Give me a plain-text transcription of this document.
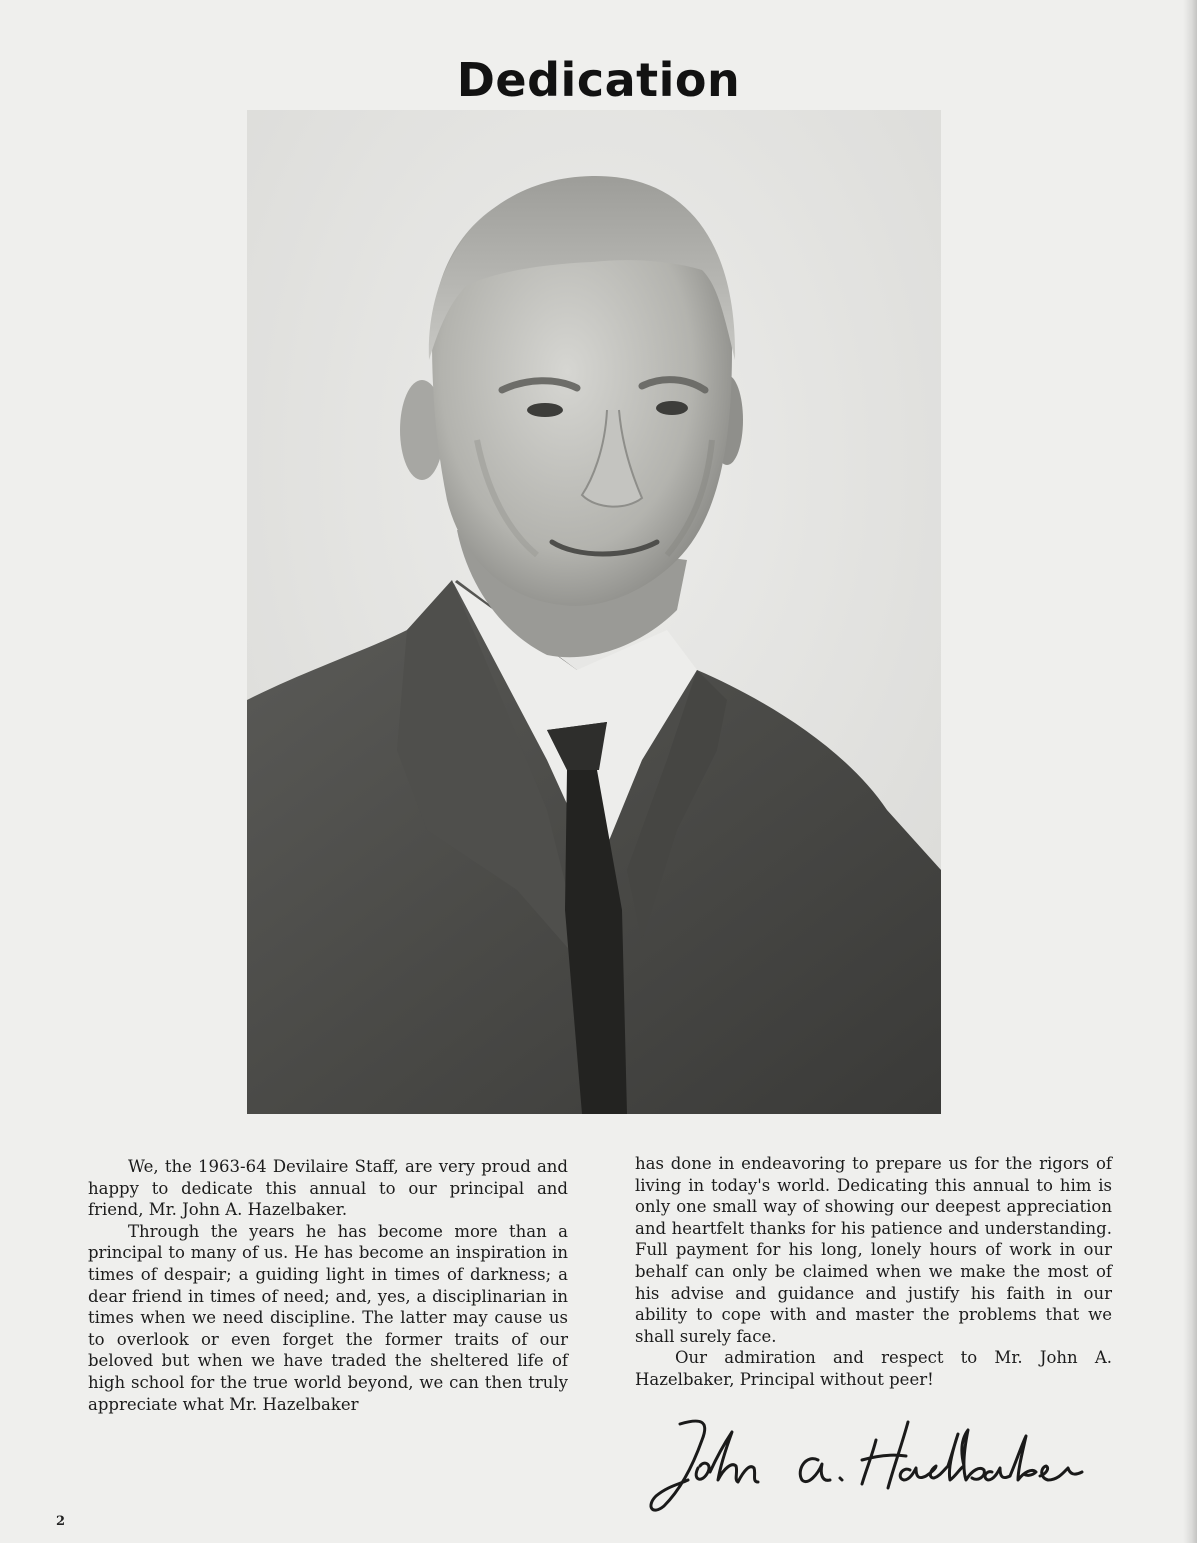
Dedication

We, the 1963-64 Devilaire Staff, are very proud and happy to dedicate this annual to our principal and friend, Mr. John A. Hazelbaker.

Through the years he has become more than a principal to many of us. He has become an inspiration in times of despair; a guiding light in times of darkness; a dear friend in times of need; and, yes, a disciplinarian in times when we need discipline. The latter may cause us to overlook or even forget the former traits of our beloved but when we have traded the sheltered life of high school for the true world beyond, we can then truly appreciate what Mr. Hazelbaker

has done in endeavoring to prepare us for the rigors of living in today's world. Dedicating this annual to him is only one small way of showing our deepest appreciation and heartfelt thanks for his patience and understanding. Full payment for his long, lonely hours of work in our behalf can only be claimed when we make the most of his advise and guidance and justify his faith in our ability to cope with and master the problems that we shall surely face.

Our admiration and respect to Mr. John A. Hazelbaker, Principal without peer!

2
